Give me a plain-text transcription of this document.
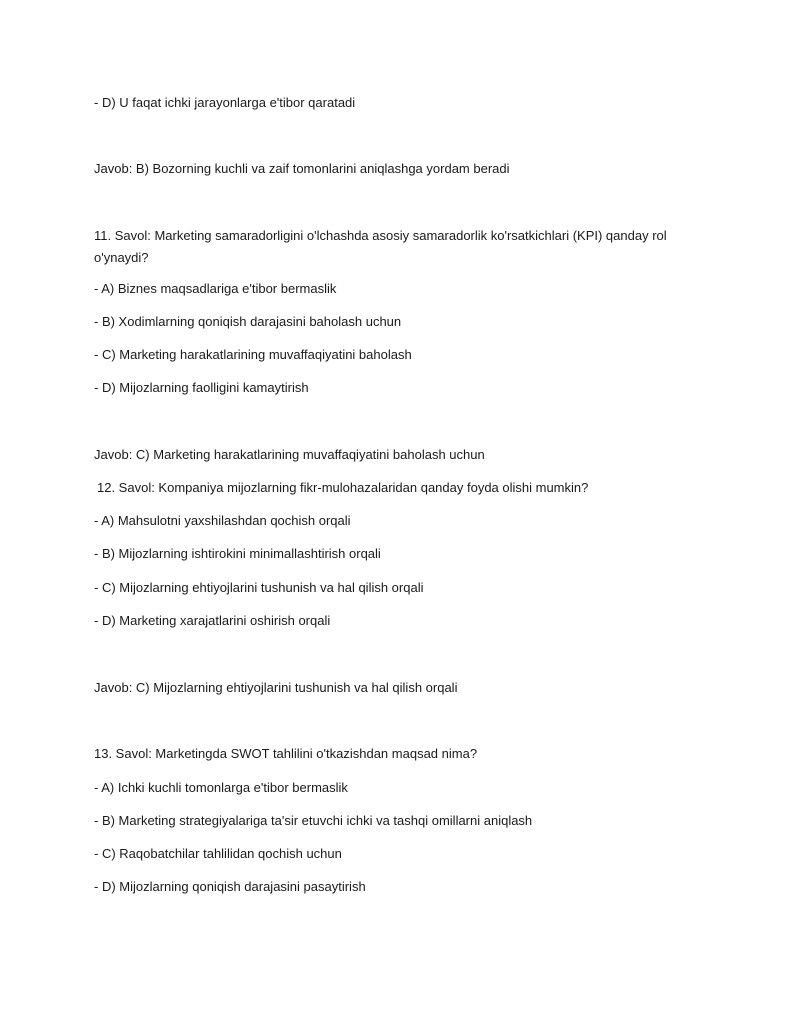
- D) U faqat ichki jarayonlarga e'tibor qaratadi
Javob: B) Bozorning kuchli va zaif tomonlarini aniqlashga yordam beradi
11. Savol: Marketing samaradorligini o'lchashda asosiy samaradorlik ko'rsatkichlari (KPI) qanday rol o'ynaydi?
- A) Biznes maqsadlariga e'tibor bermaslik
- B) Xodimlarning qoniqish darajasini baholash uchun
- C) Marketing harakatlarining muvaffaqiyatini baholash
- D) Mijozlarning faolligini kamaytirish
Javob: C) Marketing harakatlarining muvaffaqiyatini baholash uchun
12. Savol: Kompaniya mijozlarning fikr-mulohazalaridan qanday foyda olishi mumkin?
- A) Mahsulotni yaxshilashdan qochish orqali
- B) Mijozlarning ishtirokini minimallashtirish orqali
- C) Mijozlarning ehtiyojlarini tushunish va hal qilish orqali
- D) Marketing xarajatlarini oshirish orqali
Javob: C) Mijozlarning ehtiyojlarini tushunish va hal qilish orqali
13. Savol: Marketingda SWOT tahlilini o'tkazishdan maqsad nima?
- A) Ichki kuchli tomonlarga e'tibor bermaslik
- B) Marketing strategiyalariga ta'sir etuvchi ichki va tashqi omillarni aniqlash
- C) Raqobatchilar tahlilidan qochish uchun
- D) Mijozlarning qoniqish darajasini pasaytirish
